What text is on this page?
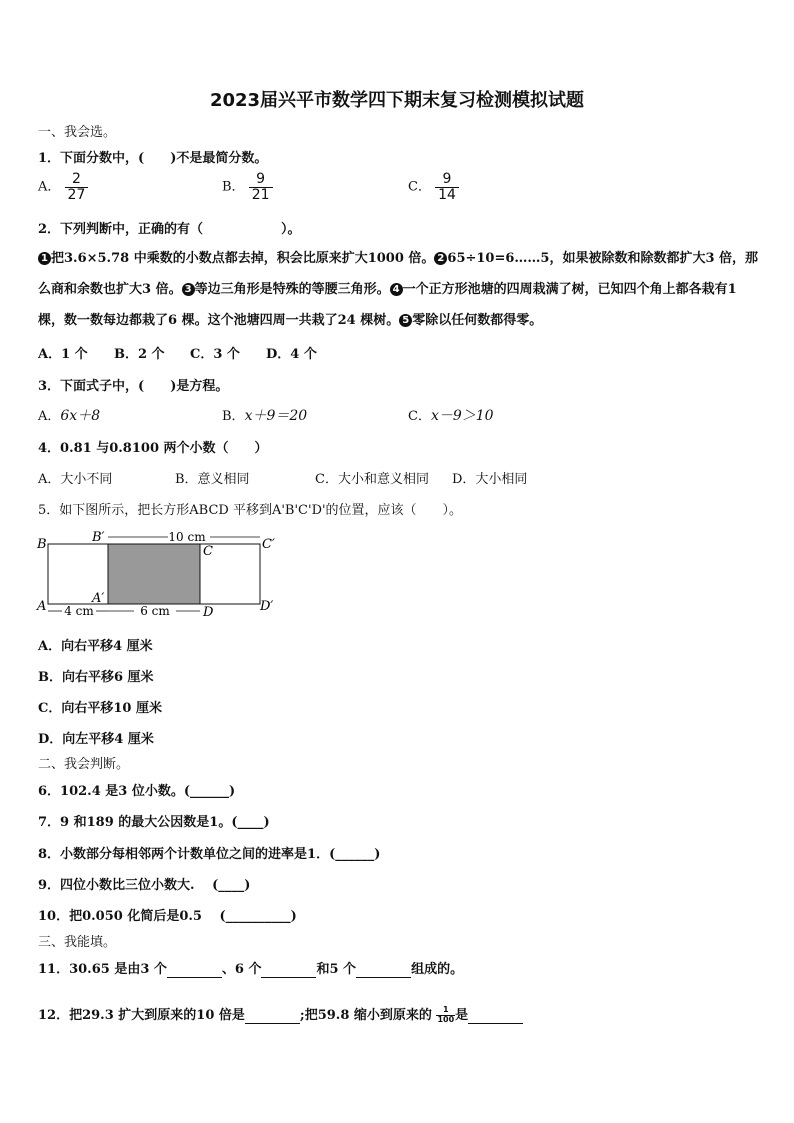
2023届兴平市数学四下期末复习检测模拟试题
一、我会选。
1．下面分数中，(　　)不是最简分数。
A． $\frac{2}{27}$	B． $\frac{9}{21}$	C． $\frac{9}{14}$
2．下列判断中，正确的有（　　　　　　）。
1 把3.6×5.78 中乘数的小数点都去掉，积会比原来扩大1000 倍。 2 65÷10=6……5，如果被除数和除数都扩大3 倍，那么商和余数也扩大3 倍。 3 等边三角形是特殊的等腰三角形。 4 一个正方形池塘的四周栽满了树，已知四个角上都各栽有1 棵，数一数每边都栽了6 棵。这个池塘四周一共栽了24 棵树。 5 零除以任何数都得零。
A．1 个 B．2 个 C．3 个 D．4 个
3．下面式子中，(　　)是方程。
A．6x＋8	B．x＋9＝20	C．x－9＞10
4．0.81 与0.8100 两个小数（　　）
A．大小不同	B．意义相同	C．大小和意义相同 D．大小相同
5．如下图所示，把长方形ABCD 平移到A'B'C'D'的位置，应该（　　）。
10 cm
4 cm	6 cm
B	B′
C	C′
A
A′
D	D′
A．向右平移4 厘米
B．向右平移6 厘米
C．向右平移10 厘米
D．向左平移4 厘米
二、我会判断。
6．102.4 是3 位小数。(______)
7．9 和189 的最大公因数是1。(____)
8．小数部分每相邻两个计数单位之间的进率是1．(______)
9．四位小数比三位小数大.　 (____)
10．把0.050 化简后是0.5　 (__________)
三、我能填。
11．30.65 是由3 个	、6 个	和5 个	组成的。
12．把29.3 扩大到原来的10 倍是	;把59.8 缩小到原来的 $\frac{1}{100}$ 是
